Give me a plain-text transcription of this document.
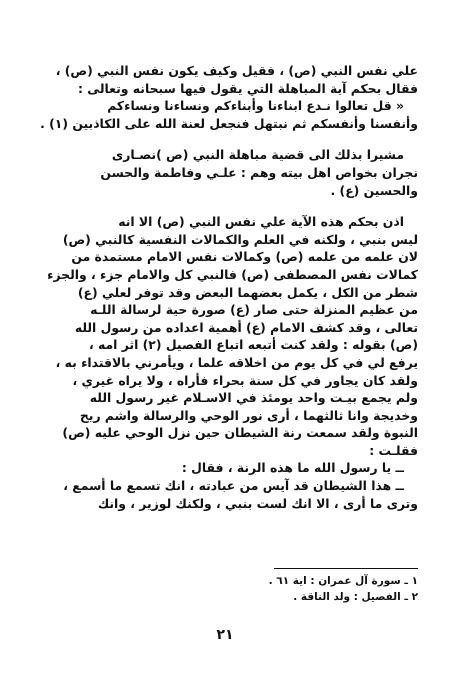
علي نفس النبي (ص) ، فقيل وكيف يكون نفس النبي (ص) ،
فقال بحكم آية المباهلة التي يقول فيها سبحانه وتعالى :
« قل تعالوا نـدع ابناءنا وأبناءكم ونساءنا ونساءكم
وأنفسنا وأنفسكم ثم نبتهل فنجعل لعنة الله على الكاذبين (١) .

مشيرا بذلك الى قضية مباهلة النبي (ص )نصـارى
نجران بخواص اهل بيته وهم : علـي وفاطمة والحسن
والحسين (ع) .

اذن بحكم هذه الآية علي نفس النبي (ص) الا انه
ليس بنبي ، ولكنه في العلم والكمالات النفسية كالنبي (ص)
لان علمه من علمه (ص) وكمالات نفس الامام مستمدة من
كمالات نفس المصطفى (ص) فالنبي كل والامام جزء ، والجزء
شطر من الكل ، يكمل بعضهما البعض وقد توفر لعلي (ع)
من عظيم المنزلة حتى صار (ع) صورة حية لرسالة اللـه
تعالى ، وقد كشف الامام (ع) أهمية اعداده من رسول الله
(ص) بقوله : ولقد كنت أتبعه اتباع الفصيل (٢) اثر امه ،
يرفع لي في كل يوم من اخلاقه علما ، ويأمرني بالاقتداء به ،
ولقد كان يجاور في كل سنة بحراء فأراه ، ولا يراه غيري ،
ولم يجمع بيـت واحد يومئذ في الاسـلام غير رسول الله
وخديجة وانا ثالثهما ، أرى نور الوحي والرسالة واشم ريح
النبوة ولقد سمعت رنة الشيطان حين نزل الوحي عليه (ص)
فقلـت :
ــ يا رسول الله ما هذه الرنة ، فقال :
ــ هذا الشيطان قد آيس من عبادته ، انك تسمع ما أسمع ،
وترى ما أرى ، الا انك لست بنبي ، ولكنك لوزير ، وانك

١ ـ سورة آل عمران : اية ٦١ .
٢ ـ الفصيل : ولد الناقة .
٢١
